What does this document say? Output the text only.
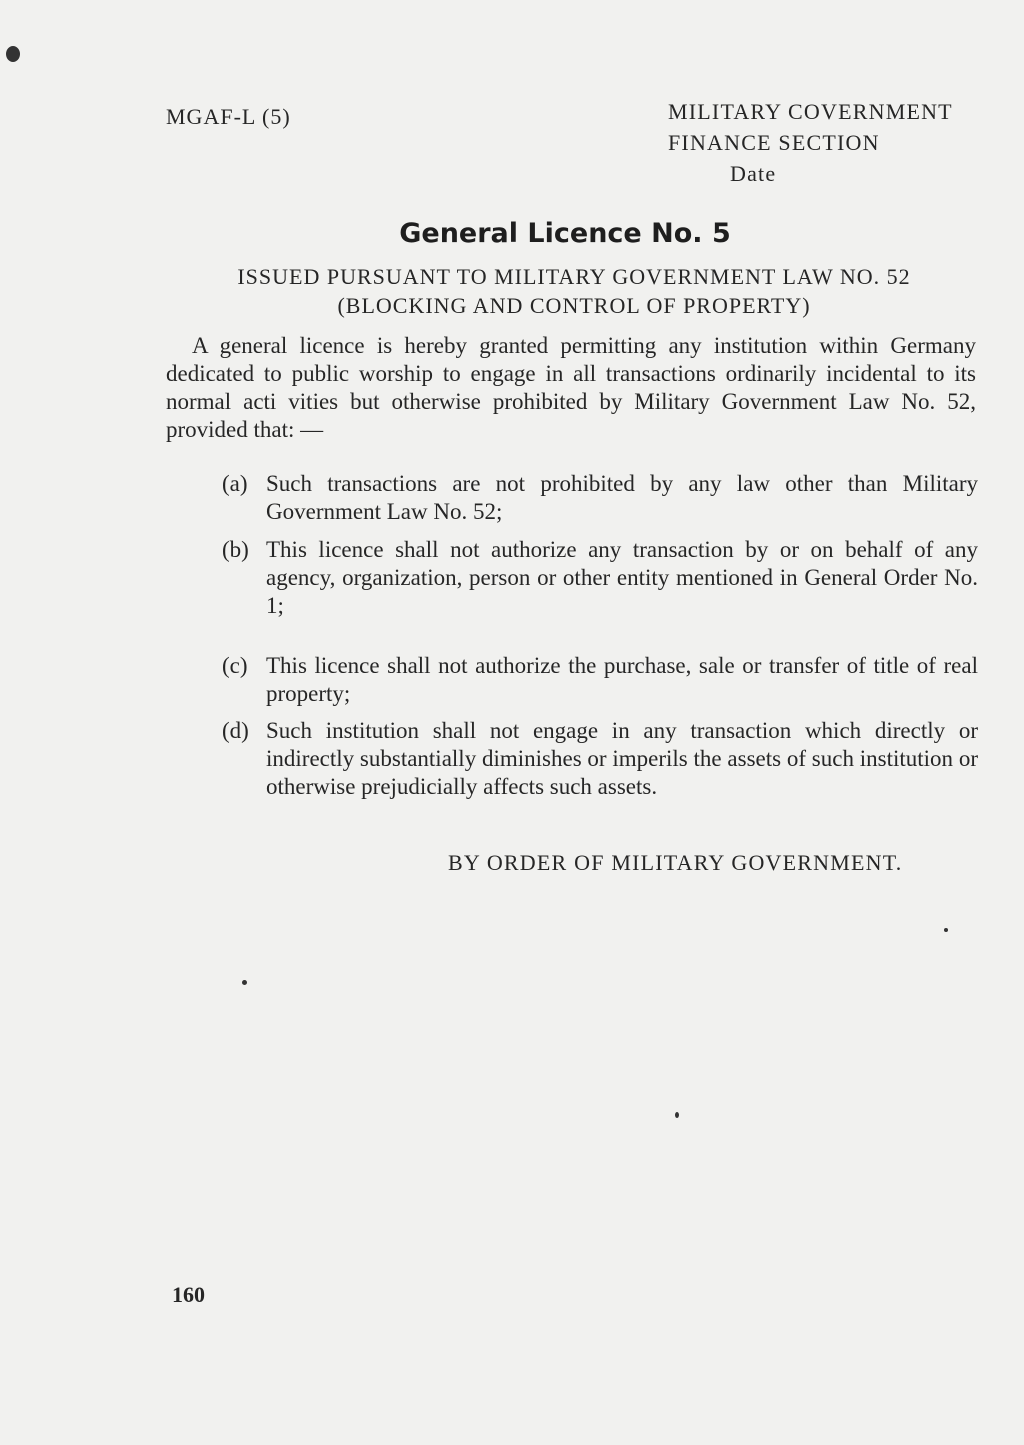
MGAF-L (5)	MILITARY COVERNMENT
FINANCE SECTION
Date
General Licence No. 5
ISSUED PURSUANT TO MILITARY GOVERNMENT LAW NO. 52
(BLOCKING AND CONTROL OF PROPERTY)

A general licence is hereby granted permitting any institution within Germany dedicated to public worship to engage in all transactions ordinarily incidental to its normal acti vities but otherwise prohibited by Military Government Law No. 52, provided that: —

(a) Such transactions are not prohibited by any law other than Military Government Law No. 52;
(b) This licence shall not authorize any transaction by or on behalf of any agency, organization, person or other entity mentioned in General Order No. 1;
(c) This licence shall not authorize the purchase, sale or transfer of title of real property;
(d) Such institution shall not engage in any transaction which directly or indirectly substantially diminishes or imperils the assets of such institution or otherwise prejudicially affects such assets.
BY ORDER OF MILITARY GOVERNMENT.
160
